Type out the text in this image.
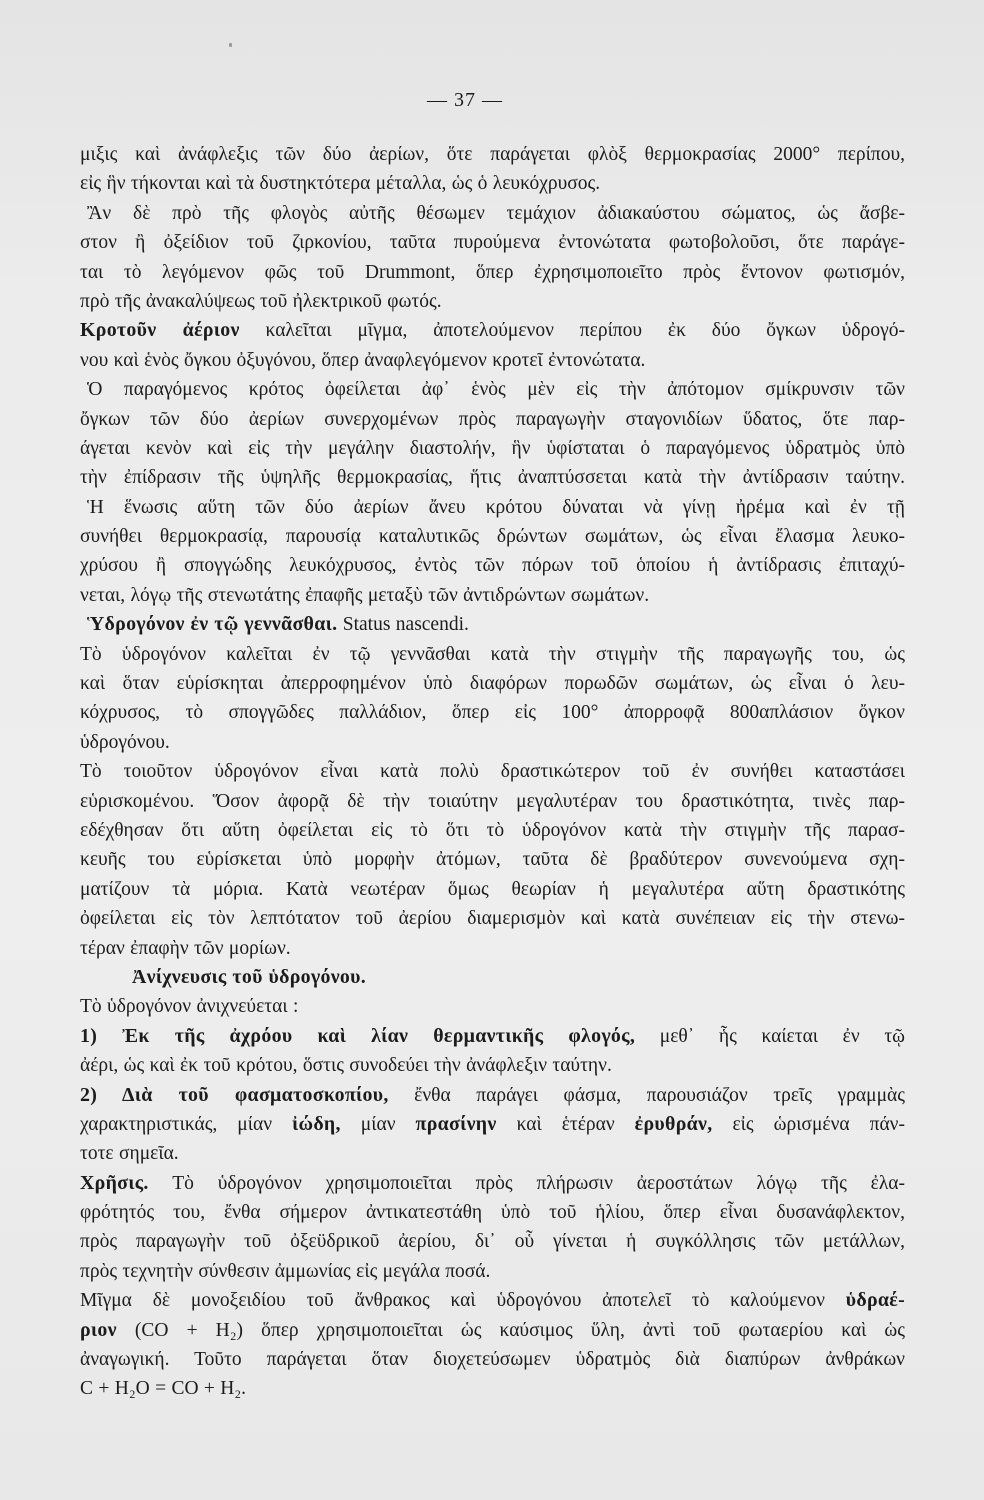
— 37 —
μιξις καὶ ἀνάφλεξις τῶν δύο ἀερίων, ὅτε παράγεται φλὸξ θερμοκρασίας 2000° περίπου,
εἰς ἣν τήκονται καὶ τὰ δυστηκτότερα μέταλλα, ὡς ὁ λευκόχρυσος.
Ἂν δὲ πρὸ τῆς φλογὸς αὐτῆς θέσωμεν τεμάχιον ἀδιακαύστου σώματος, ὡς ἄσβε-
στον ἢ ὀξείδιον τοῦ ζιρκονίου, ταῦτα πυρούμενα ἐντονώτατα φωτοβολοῦσι, ὅτε παράγε-
ται τὸ λεγόμενον φῶς τοῦ Drummont, ὅπερ ἐχρησιμοποιεῖτο πρὸς ἔντονον φωτισμόν,
πρὸ τῆς ἀνακαλύψεως τοῦ ἠλεκτρικοῦ φωτός.
Κροτοῦν ἀέριον καλεῖται μῖγμα, ἀποτελούμενον περίπου ἐκ δύο ὄγκων ὑδρογό-
νου καὶ ἑνὸς ὄγκου ὀξυγόνου, ὅπερ ἀναφλεγόμενον κροτεῖ ἐντονώτατα.
Ὁ παραγόμενος κρότος ὀφείλεται ἀφ᾽ ἑνὸς μὲν εἰς τὴν ἀπότομον σμίκρυνσιν τῶν
ὄγκων τῶν δύο ἀερίων συνερχομένων πρὸς παραγωγὴν σταγονιδίων ὕδατος, ὅτε παρ-
άγεται κενὸν καὶ εἰς τὴν μεγάλην διαστολήν, ἣν ὑφίσταται ὁ παραγόμενος ὑδρατμὸς ὑπὸ
τὴν ἐπίδρασιν τῆς ὑψηλῆς θερμοκρασίας, ἥτις ἀναπτύσσεται κατὰ τὴν ἀντίδρασιν ταύτην.
Ἡ ἕνωσις αὕτη τῶν δύο ἀερίων ἄνευ κρότου δύναται νὰ γίνῃ ἠρέμα καὶ ἐν τῇ
συνήθει θερμοκρασίᾳ, παρουσίᾳ καταλυτικῶς δρώντων σωμάτων, ὡς εἶναι ἔλασμα λευκο-
χρύσου ἢ σπογγώδης λευκόχρυσος, ἐντὸς τῶν πόρων τοῦ ὁποίου ἡ ἀντίδρασις ἐπιταχύ-
νεται, λόγῳ τῆς στενωτάτης ἐπαφῆς μεταξὺ τῶν ἀντιδρώντων σωμάτων.
Ὑδρογόνον ἐν τῷ γεννᾶσθαι. Status nascendi.
Τὸ ὑδρογόνον καλεῖται ἐν τῷ γεννᾶσθαι κατὰ τὴν στιγμὴν τῆς παραγωγῆς του, ὡς
καὶ ὅταν εὑρίσκηται ἀπερροφημένον ὑπὸ διαφόρων πορωδῶν σωμάτων, ὡς εἶναι ὁ λευ-
κόχρυσος, τὸ σπογγῶδες παλλάδιον, ὅπερ εἰς 100° ἀπορροφᾷ 800απλάσιον ὄγκον
ὑδρογόνου.
Τὸ τοιοῦτον ὑδρογόνον εἶναι κατὰ πολὺ δραστικώτερον τοῦ ἐν συνήθει καταστάσει
εὑρισκομένου. Ὅσον ἀφορᾷ δὲ τὴν τοιαύτην μεγαλυτέραν του δραστικότητα, τινὲς παρ-
εδέχθησαν ὅτι αὕτη ὀφείλεται εἰς τὸ ὅτι τὸ ὑδρογόνον κατὰ τὴν στιγμὴν τῆς παρασ-
κευῆς του εὑρίσκεται ὑπὸ μορφὴν ἀτόμων, ταῦτα δὲ βραδύτερον συνενούμενα σχη-
ματίζουν τὰ μόρια. Κατὰ νεωτέραν ὅμως θεωρίαν ἡ μεγαλυτέρα αὕτη δραστικότης
ὀφείλεται εἰς τὸν λεπτότατον τοῦ ἀερίου διαμερισμὸν καὶ κατὰ συνέπειαν εἰς τὴν στενω-
τέραν ἐπαφὴν τῶν μορίων.
Ἀνίχνευσις τοῦ ὑδρογόνου.
Τὸ ὑδρογόνον ἀνιχνεύεται :
1) Ἐκ τῆς ἀχρόου καὶ λίαν θερμαντικῆς φλογός, μεθ᾽ ἧς καίεται ἐν τῷ
ἀέρι, ὡς καὶ ἐκ τοῦ κρότου, ὅστις συνοδεύει τὴν ἀνάφλεξιν ταύτην.
2) Διὰ τοῦ φασματοσκοπίου, ἔνθα παράγει φάσμα, παρουσιάζον τρεῖς γραμμὰς
χαρακτηριστικάς, μίαν ἰώδη, μίαν πρασίνην καὶ ἑτέραν ἐρυθράν, εἰς ὡρισμένα πάν-
τοτε σημεῖα.
Χρῆσις. Τὸ ὑδρογόνον χρησιμοποιεῖται πρὸς πλήρωσιν ἀεροστάτων λόγῳ τῆς ἐλα-
φρότητός του, ἔνθα σήμερον ἀντικατεστάθη ὑπὸ τοῦ ἡλίου, ὅπερ εἶναι δυσανάφλεκτον,
πρὸς παραγωγὴν τοῦ ὀξεϋδρικοῦ ἀερίου, δι᾽ οὗ γίνεται ἡ συγκόλλησις τῶν μετάλλων,
πρὸς τεχνητὴν σύνθεσιν ἀμμωνίας εἰς μεγάλα ποσά.
Μῖγμα δὲ μονοξειδίου τοῦ ἄνθρακος καὶ ὑδρογόνου ἀποτελεῖ τὸ καλούμενον ὑδραέ-
ριον (CO + H₂) ὅπερ χρησιμοποιεῖται ὡς καύσιμος ὕλη, ἀντὶ τοῦ φωταερίου καὶ ὡς
ἀναγωγική. Τοῦτο παράγεται ὅταν διοχετεύσωμεν ὑδρατμὸς διὰ διαπύρων ἀνθράκων
C + H₂O = CO + H₂.
